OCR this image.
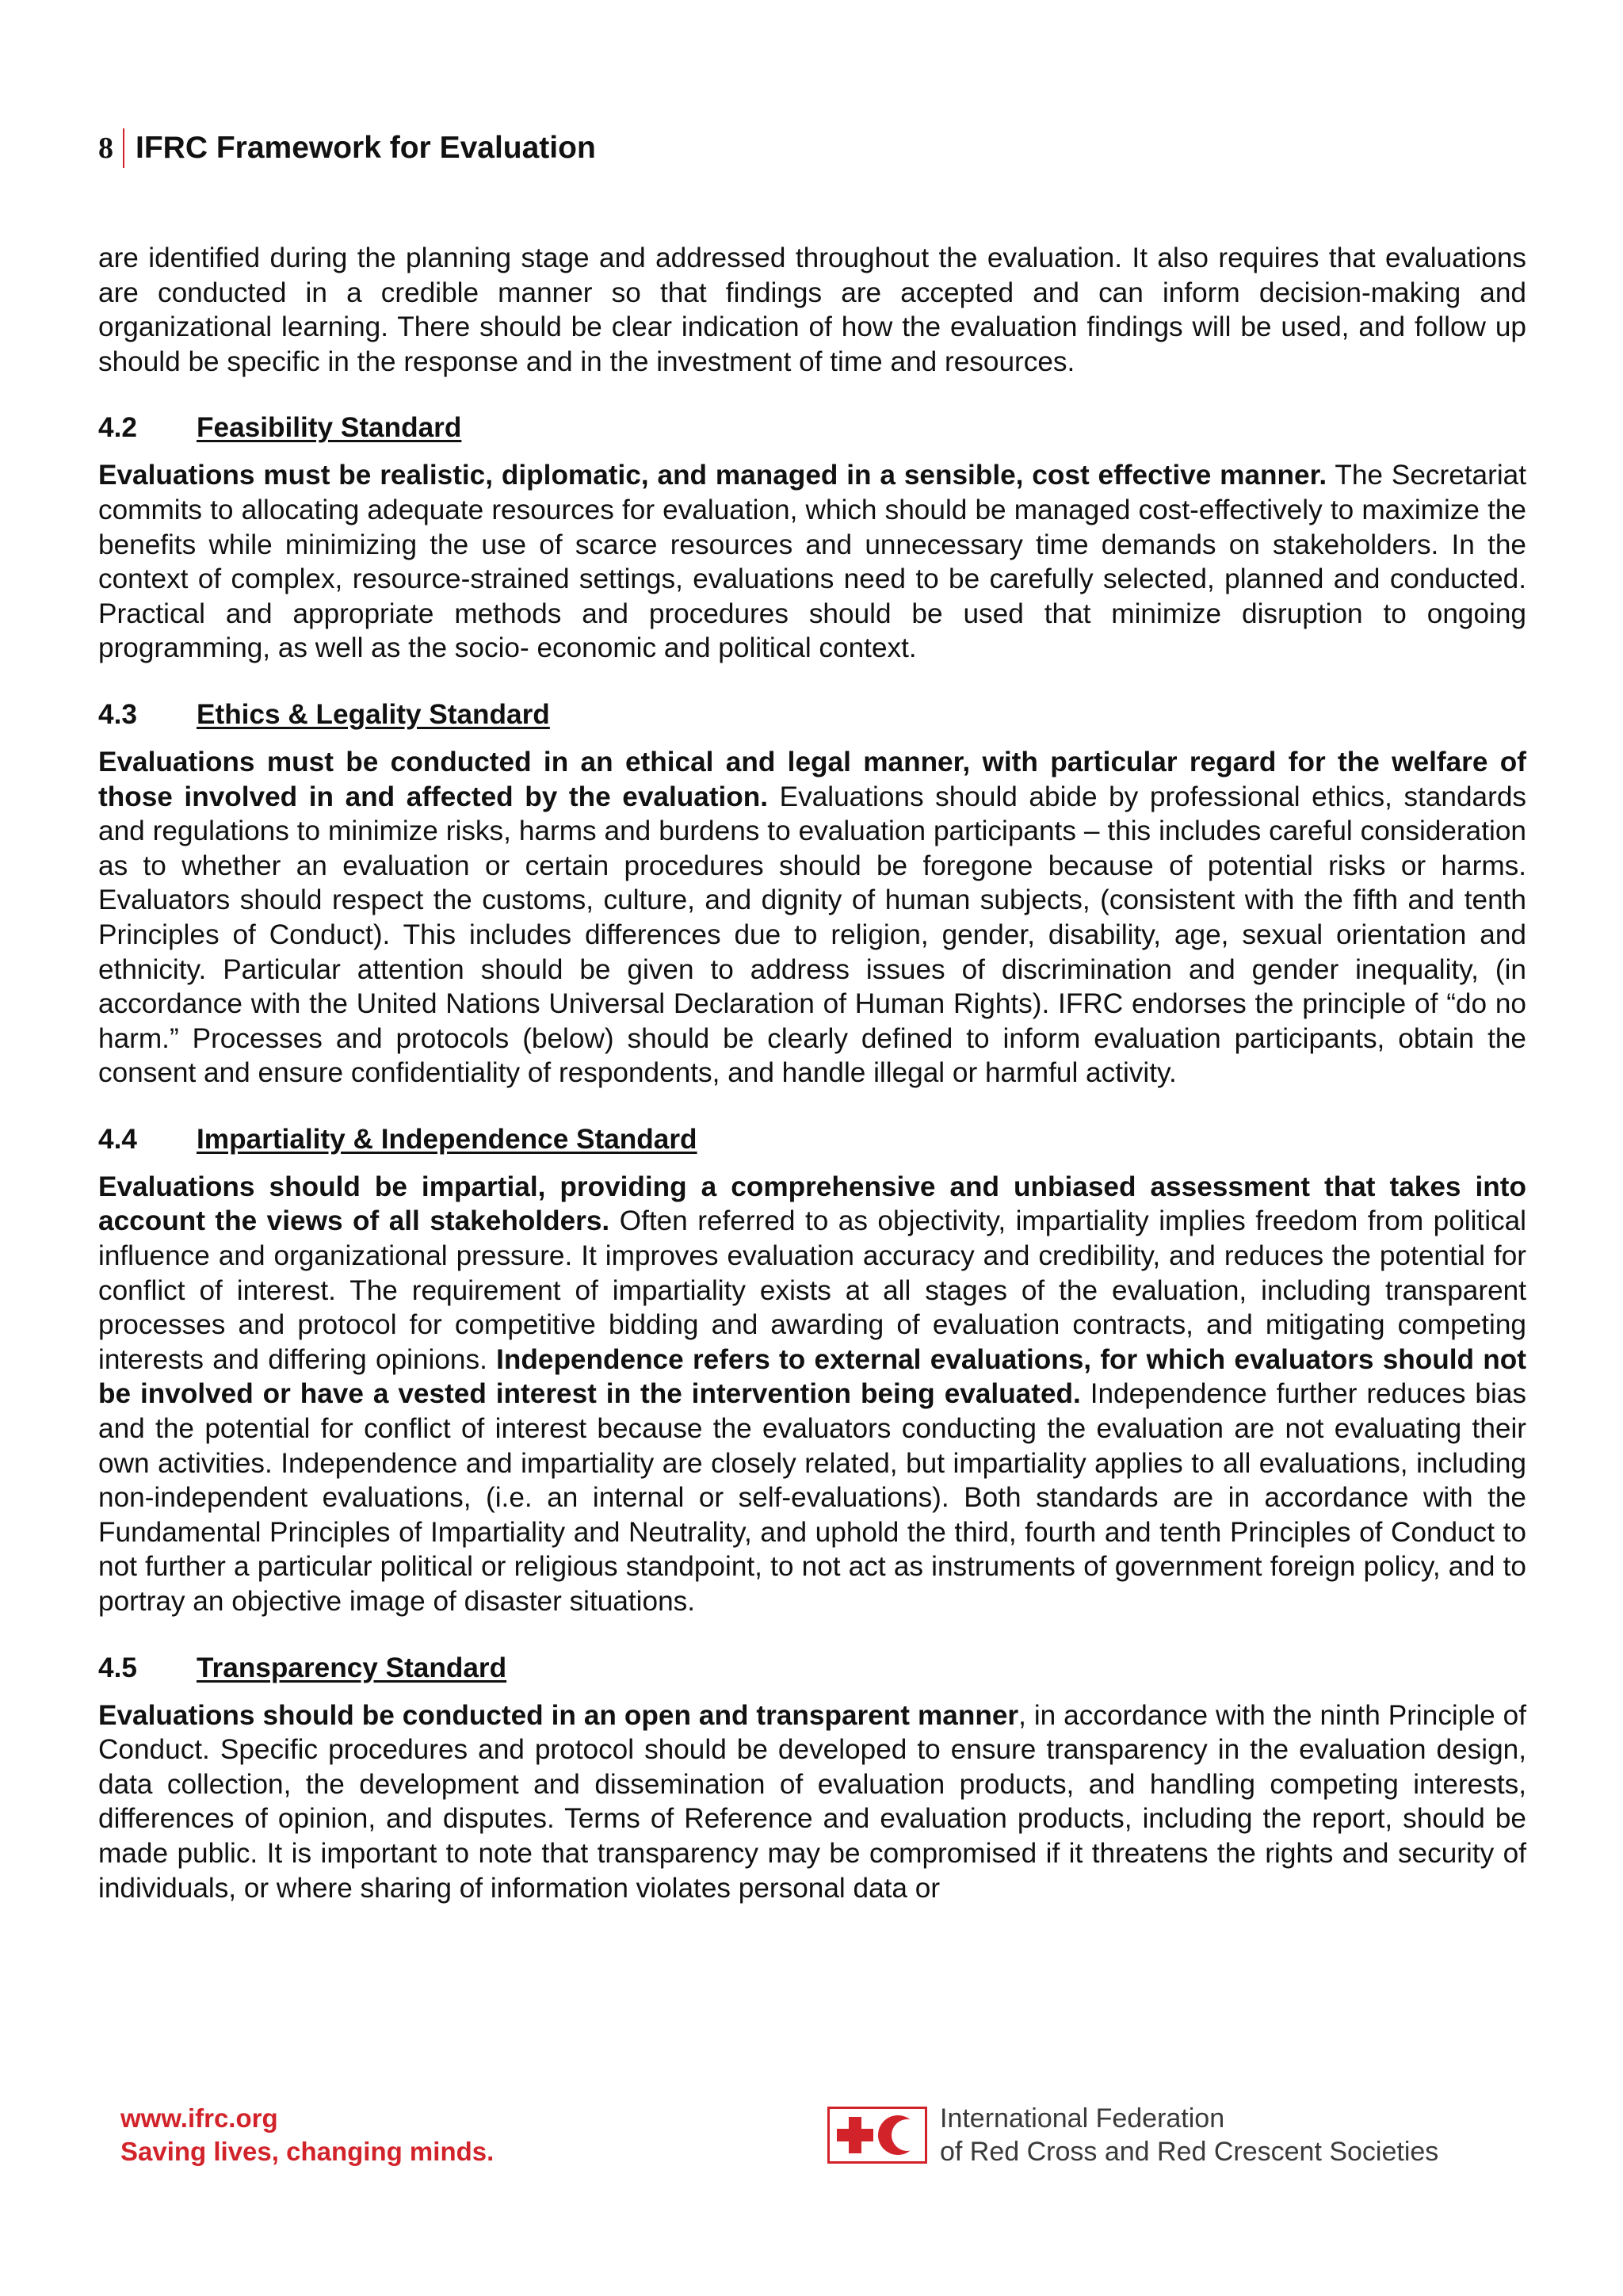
8 IFRC Framework for Evaluation

are identified during the planning stage and addressed throughout the evaluation. It also requires that evaluations are conducted in a credible manner so that findings are accepted and can inform decision-making and organizational learning. There should be clear indication of how the evaluation findings will be used, and follow up should be specific in the response and in the investment of time and resources.

4.2	Feasibility Standard

Evaluations must be realistic, diplomatic, and managed in a sensible, cost effective manner. The Secretariat commits to allocating adequate resources for evaluation, which should be managed cost-effectively to maximize the benefits while minimizing the use of scarce resources and unnecessary time demands on stakeholders. In the context of complex, resource-strained settings, evaluations need to be carefully selected, planned and conducted. Practical and appropriate methods and procedures should be used that minimize disruption to ongoing programming, as well as the socio- economic and political context.

4.3	Ethics & Legality Standard

Evaluations must be conducted in an ethical and legal manner, with particular regard for the welfare of those involved in and affected by the evaluation. Evaluations should abide by professional ethics, standards and regulations to minimize risks, harms and burdens to evaluation participants – this includes careful consideration as to whether an evaluation or certain procedures should be foregone because of potential risks or harms. Evaluators should respect the customs, culture, and dignity of human subjects, (consistent with the fifth and tenth Principles of Conduct). This includes differences due to religion, gender, disability, age, sexual orientation and ethnicity. Particular attention should be given to address issues of discrimination and gender inequality, (in accordance with the United Nations Universal Declaration of Human Rights). IFRC endorses the principle of “do no harm.” Processes and protocols (below) should be clearly defined to inform evaluation participants, obtain the consent and ensure confidentiality of respondents, and handle illegal or harmful activity.

4.4	Impartiality & Independence Standard

Evaluations should be impartial, providing a comprehensive and unbiased assessment that takes into account the views of all stakeholders. Often referred to as objectivity, impartiality implies freedom from political influence and organizational pressure. It improves evaluation accuracy and credibility, and reduces the potential for conflict of interest. The requirement of impartiality exists at all stages of the evaluation, including transparent processes and protocol for competitive bidding and awarding of evaluation contracts, and mitigating competing interests and differing opinions. Independence refers to external evaluations, for which evaluators should not be involved or have a vested interest in the intervention being evaluated. Independence further reduces bias and the potential for conflict of interest because the evaluators conducting the evaluation are not evaluating their own activities. Independence and impartiality are closely related, but impartiality applies to all evaluations, including non-independent evaluations, (i.e. an internal or self-evaluations). Both standards are in accordance with the Fundamental Principles of Impartiality and Neutrality, and uphold the third, fourth and tenth Principles of Conduct to not further a particular political or religious standpoint, to not act as instruments of government foreign policy, and to portray an objective image of disaster situations.

4.5	Transparency Standard

Evaluations should be conducted in an open and transparent manner, in accordance with the ninth Principle of Conduct. Specific procedures and protocol should be developed to ensure transparency in the evaluation design, data collection, the development and dissemination of evaluation products, and handling competing interests, differences of opinion, and disputes. Terms of Reference and evaluation products, including the report, should be made public. It is important to note that transparency may be compromised if it threatens the rights and security of individuals, or where sharing of information violates personal data or

www.ifrc.org
Saving lives, changing minds.
International Federation
of Red Cross and Red Crescent Societies
